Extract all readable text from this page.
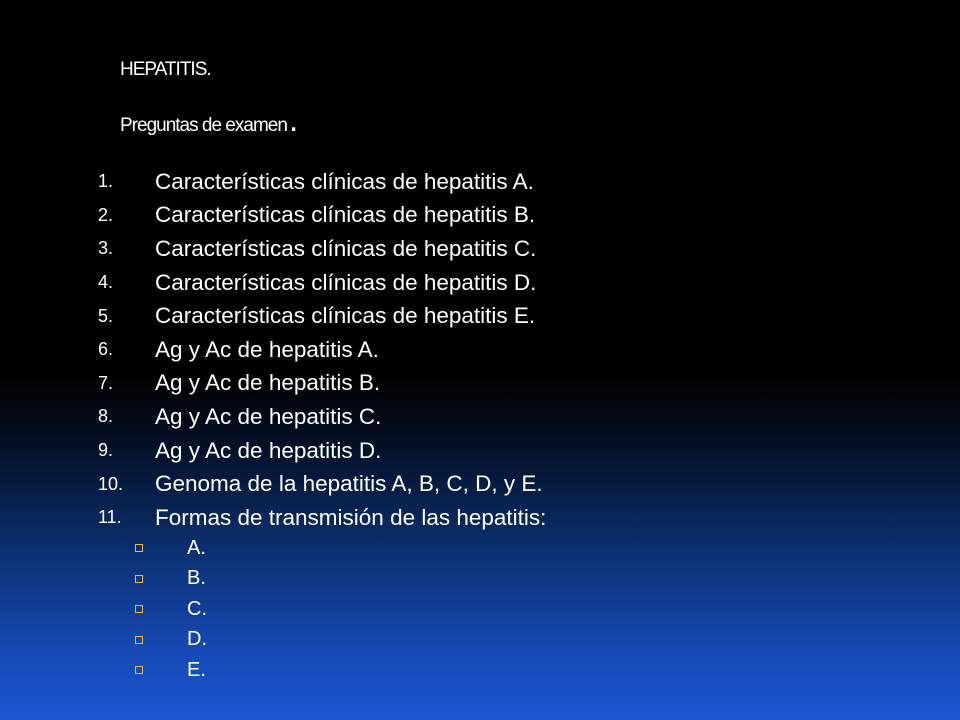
HEPATITIS.

Preguntas de examen.

1.	Características clínicas de hepatitis A.
2.	Características clínicas de hepatitis B.
3.	Características clínicas de hepatitis C.
4.	Características clínicas de hepatitis D.
5.	Características clínicas de hepatitis E.
6.	Ag y Ac de hepatitis A.
7.	Ag y Ac de hepatitis B.
8.	Ag y Ac de hepatitis C.
9.	Ag y Ac de hepatitis D.
10.	Genoma de la hepatitis A, B, C, D, y E.
11.	Formas de transmisión de las hepatitis:
A.
B.
C.
D.
E.
